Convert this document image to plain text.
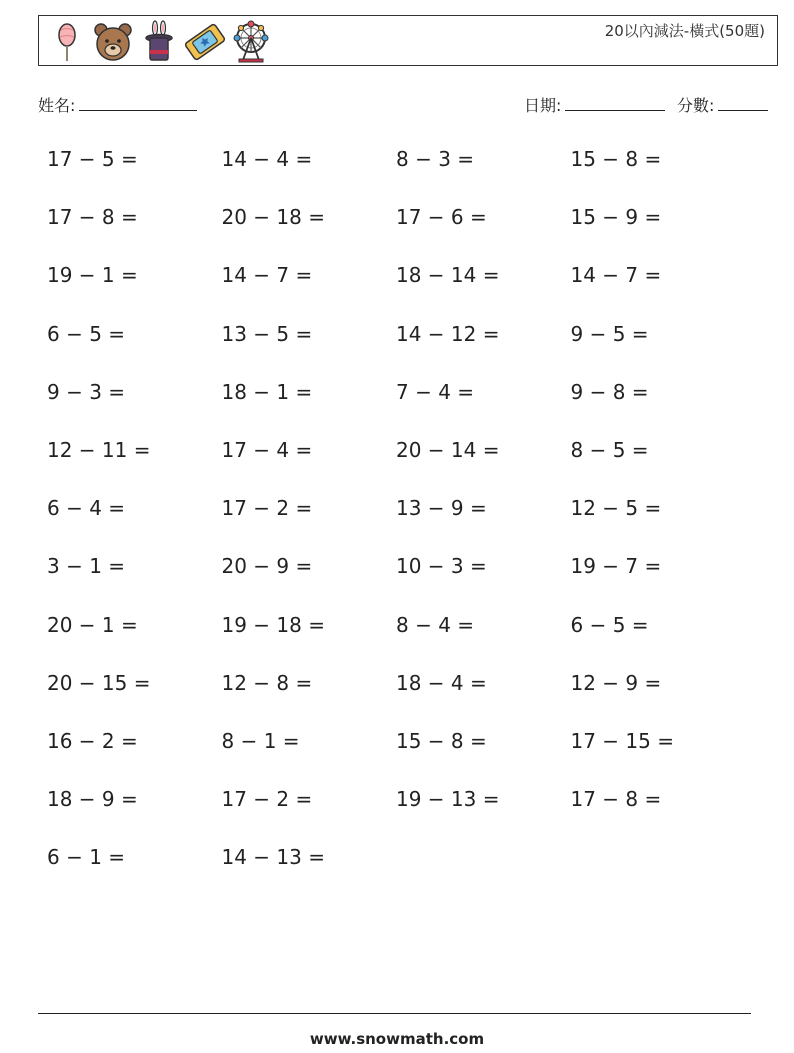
20以內減法-橫式(50題)
姓名:	日期:	分數:
17 − 5 =	14 − 4 =	8 − 3 =	15 − 8 =
17 − 8 =	20 − 18 =	17 − 6 =	15 − 9 =
19 − 1 =	14 − 7 =	18 − 14 =	14 − 7 =
6 − 5 =	13 − 5 =	14 − 12 =	9 − 5 =
9 − 3 =	18 − 1 =	7 − 4 =	9 − 8 =
12 − 11 =	17 − 4 =	20 − 14 =	8 − 5 =
6 − 4 =	17 − 2 =	13 − 9 =	12 − 5 =
3 − 1 =	20 − 9 =	10 − 3 =	19 − 7 =
20 − 1 =	19 − 18 =	8 − 4 =	6 − 5 =
20 − 15 =	12 − 8 =	18 − 4 =	12 − 9 =
16 − 2 =	8 − 1 =	15 − 8 =	17 − 15 =
18 − 9 =	17 − 2 =	19 − 13 =	17 − 8 =
6 − 1 =	14 − 13 =
www.snowmath.com
